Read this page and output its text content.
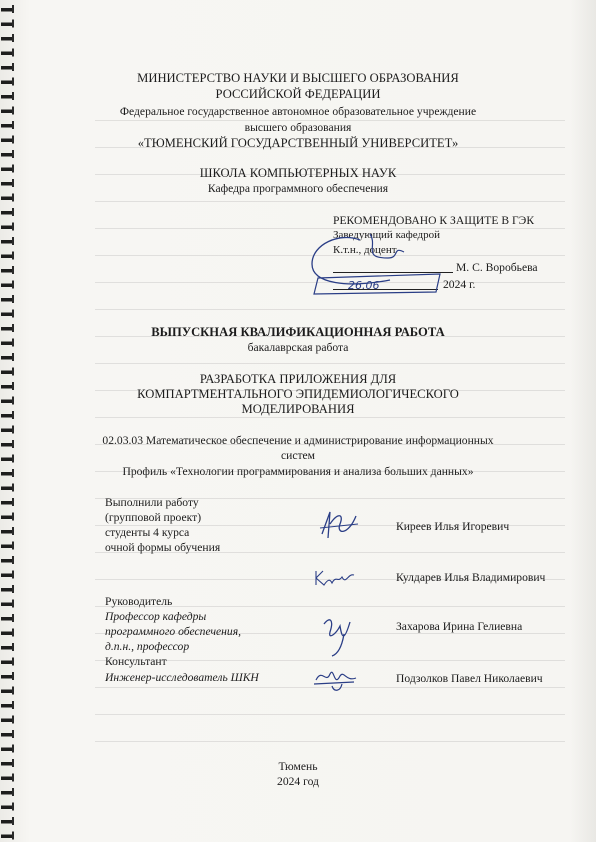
МИНИСТЕРСТВО НАУКИ И ВЫСШЕГО ОБРАЗОВАНИЯ
РОССИЙСКОЙ ФЕДЕРАЦИИ
Федеральное государственное автономное образовательное учреждение
высшего образования
«ТЮМЕНСКИЙ ГОСУДАРСТВЕННЫЙ УНИВЕРСИТЕТ»
ШКОЛА КОМПЬЮТЕРНЫХ НАУК
Кафедра программного обеспечения
РЕКОМЕНДОВАНО К ЗАЩИТЕ В ГЭК
Заведующий кафедрой
К.т.н., доцент
М. С. Воробьева
2024 г.
26.06
ВЫПУСКНАЯ КВАЛИФИКАЦИОННАЯ РАБОТА
бакалаврская работа
РАЗРАБОТКА ПРИЛОЖЕНИЯ ДЛЯ
КОМПАРТМЕНТАЛЬНОГО ЭПИДЕМИОЛОГИЧЕСКОГО
МОДЕЛИРОВАНИЯ
02.03.03 Математическое обеспечение и администрирование информационных
систем
Профиль «Технологии программирования и анализа больших данных»
Выполнили работу
(групповой проект)
студенты 4 курса
очной формы обучения
Киреев Илья Игоревич
Кулдарев Илья Владимирович
Руководитель
Профессор кафедры
программного обеспечения,
д.п.н., профессор
Захарова Ирина Гелиевна
Консультант
Инженер-исследователь ШКН	Подзолков Павел Николаевич
Тюмень
2024 год
